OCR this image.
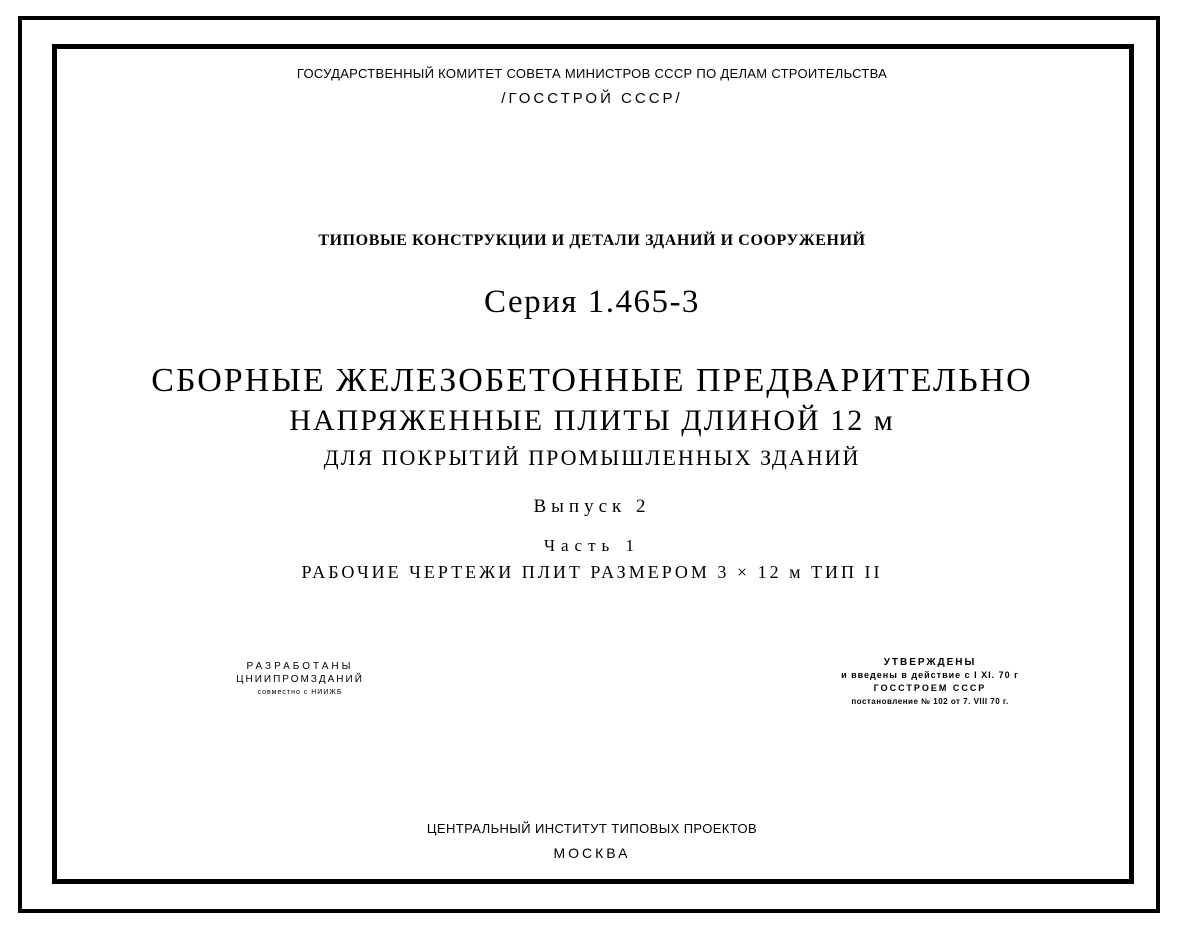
ГОСУДАРСТВЕННЫЙ КОМИТЕТ СОВЕТА МИНИСТРОВ СССР ПО ДЕЛАМ СТРОИТЕЛЬСТВА
/ГОССТРОЙ СССР/
ТИПОВЫЕ КОНСТРУКЦИИ И ДЕТАЛИ ЗДАНИЙ И СООРУЖЕНИЙ
Серия 1.465-3
СБОРНЫЕ ЖЕЛЕЗОБЕТОННЫЕ ПРЕДВАРИТЕЛЬНО
НАПРЯЖЕННЫЕ ПЛИТЫ ДЛИНОЙ 12 м
ДЛЯ ПОКРЫТИЙ ПРОМЫШЛЕННЫХ ЗДАНИЙ
Выпуск 2
Часть 1
РАБОЧИЕ ЧЕРТЕЖИ ПЛИТ РАЗМЕРОМ 3 × 12 м ТИП II
РАЗРАБОТАНЫ
ЦНИИПРОМЗДАНИЙ
совместно с НИИЖБ
УТВЕРЖДЕНЫ
и введены в действие с I XI. 70 г
ГОССТРОЕМ СССР
постановление № 102 от 7. VIII 70 г.
ЦЕНТРАЛЬНЫЙ ИНСТИТУТ ТИПОВЫХ ПРОЕКТОВ
МОСКВА
